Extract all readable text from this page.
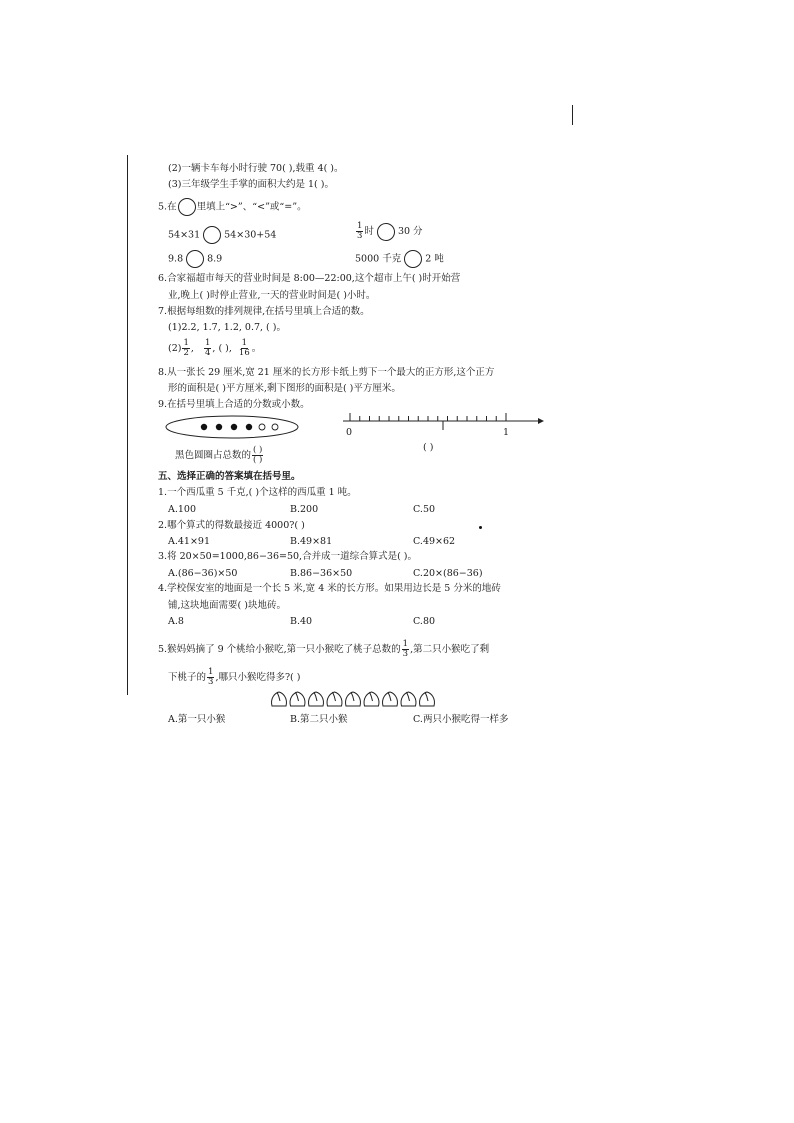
(2)一辆卡车每小时行驶 70( ),载重 4( )。
(3)三年级学生手掌的面积大约是 1( )。
5.在 里填上“>”、“<”或“=”。
54×31	54×30+54	$\frac{1}{3}$ 时	30 分
9.8	8.9	5000 千克	2 吨
6.合家福超市每天的营业时间是 8:00—22:00,这个超市上午( )时开始营
业,晚上( )时停止营业,一天的营业时间是( )小时。
7.根据每组数的排列规律,在括号里填上合适的数。
(1)2.2, 1.7, 1.2, 0.7, ( )。
$(2) \frac{1}{2}$ , $\frac{1}{4}$ , ( ), $\frac{1}{16}$ 。
8.从一张长 29 厘米,宽 21 厘米的长方形卡纸上剪下一个最大的正方形,这个正方
形的面积是( )平方厘米,剩下图形的面积是( )平方厘米。
9.在括号里填上合适的分数或小数。
黑色圆圈占总数的 $\frac{( )}{( )}$
0	1
( )
五、选择正确的答案填在括号里。
1.一个西瓜重 5 千克,( )个这样的西瓜重 1 吨。
A.100	B.200	C.50
2.哪个算式的得数最接近 4000?( )
A.41×91	B.49×81	C.49×62
3.将 20×50=1000,86−36=50,合并成一道综合算式是( )。
A.(86−36)×50	B.86−36×50	C.20×(86−36)
4.学校保安室的地面是一个长 5 米,宽 4 米的长方形。如果用边长是 5 分米的地砖
铺,这块地面需要( )块地砖。
A.8	B.40	C.80
5.猴妈妈摘了 9 个桃给小猴吃,第一只小猴吃了桃子总数的 $\frac{1}{3}$ ,第二只小猴吃了剩
下桃子的 $\frac{1}{3}$ ,哪只小猴吃得多?( )
A.第一只小猴	B.第二只小猴	C.两只小猴吃得一样多
